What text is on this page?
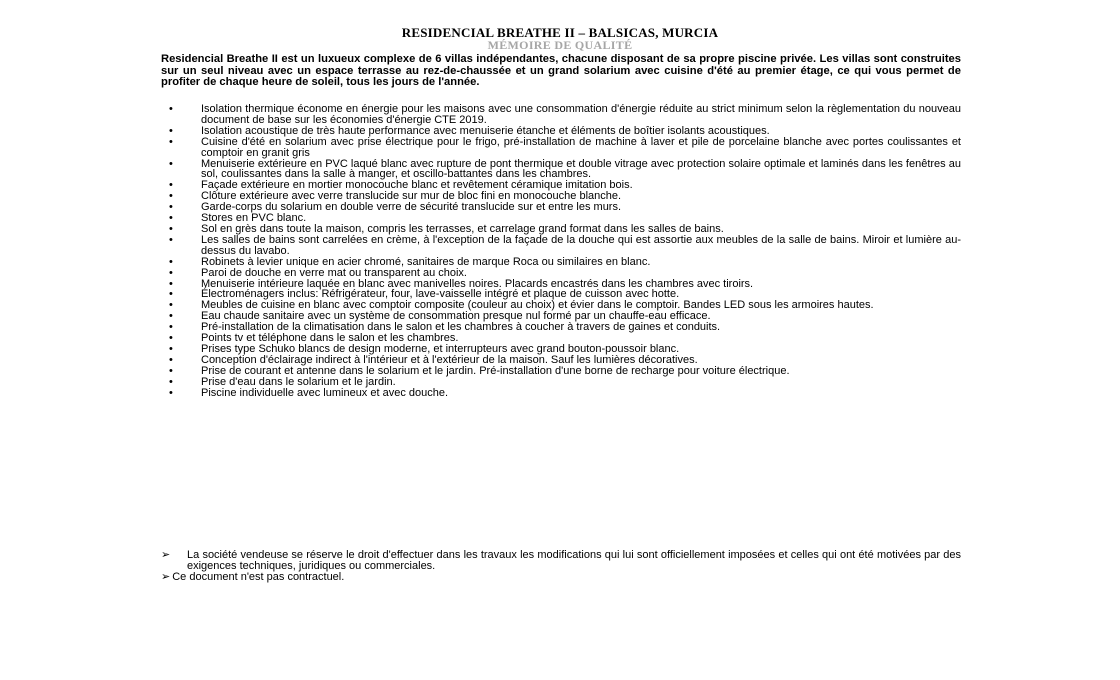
RESIDENCIAL BREATHE II – BALSICAS, MURCIA
MÉMOIRE DE QUALITÉ
Residencial Breathe II est un luxueux complexe de 6 villas indépendantes, chacune disposant de sa propre piscine privée. Les villas sont construites sur un seul niveau avec un espace terrasse au rez-de-chaussée et un grand solarium avec cuisine d'été au premier étage, ce qui vous permet de profiter de chaque heure de soleil, tous les jours de l'année.
• Isolation thermique économe en énergie pour les maisons avec une consommation d'énergie réduite au strict minimum selon la règlementation du nouveau document de base sur les économies d'énergie CTE 2019.
• Isolation acoustique de très haute performance avec menuiserie étanche et éléments de boîtier isolants acoustiques.
• Cuisine d'été en solarium avec prise électrique pour le frigo, pré-installation de machine à laver et pile de porcelaine blanche avec portes coulissantes et comptoir en granit gris
• Menuiserie extérieure en PVC laqué blanc avec rupture de pont thermique et double vitrage avec protection solaire optimale et laminés dans les fenêtres au sol, coulissantes dans la salle à manger, et oscillo-battantes dans les chambres.
• Façade extérieure en mortier monocouche blanc et revêtement céramique imitation bois.
• Clôture extérieure avec verre translucide sur mur de bloc fini en monocouche blanche.
• Garde-corps du solarium en double verre de sécurité translucide sur et entre les murs.
• Stores en PVC blanc.
• Sol en grès dans toute la maison, compris les terrasses, et carrelage grand format dans les salles de bains.
• Les salles de bains sont carrelées en crème, à l'exception de la façade de la douche qui est assortie aux meubles de la salle de bains. Miroir et lumière au-dessus du lavabo.
• Robinets à levier unique en acier chromé, sanitaires de marque Roca ou similaires en blanc.
• Paroi de douche en verre mat ou transparent au choix.
• Menuiserie intérieure laquée en blanc avec manivelles noires. Placards encastrés dans les chambres avec tiroirs.
• Électroménagers inclus: Réfrigérateur, four, lave-vaisselle intégré et plaque de cuisson avec hotte.
• Meubles de cuisine en blanc avec comptoir composite (couleur au choix) et évier dans le comptoir. Bandes LED sous les armoires hautes.
• Eau chaude sanitaire avec un système de consommation presque nul formé par un chauffe-eau efficace.
• Pré-installation de la climatisation dans le salon et les chambres à coucher à travers de gaines et conduits.
• Points tv et téléphone dans le salon et les chambres.
• Prises type Schuko blancs de design moderne, et interrupteurs avec grand bouton-poussoir blanc.
• Conception d'éclairage indirect à l'intérieur et à l'extérieur de la maison. Sauf les lumières décoratives.
• Prise de courant et antenne dans le solarium et le jardin. Pré-installation d'une borne de recharge pour voiture électrique.
• Prise d'eau dans le solarium et le jardin.
• Piscine individuelle avec lumineux et avec douche.
➢ La société vendeuse se réserve le droit d'effectuer dans les travaux les modifications qui lui sont officiellement imposées et celles qui ont été motivées par des exigences techniques, juridiques ou commerciales.
➢ Ce document n'est pas contractuel.
